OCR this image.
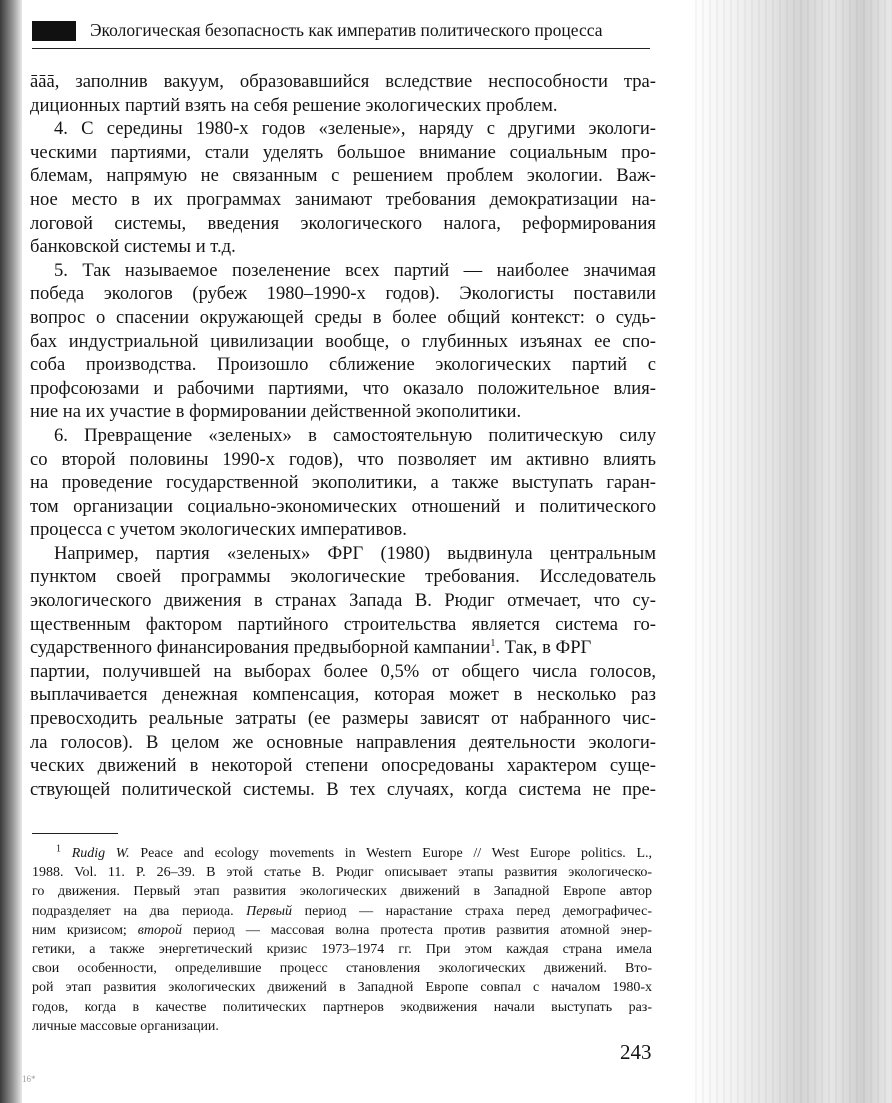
Экологическая безопасность как императив политического процесса
āāā, заполнив вакуум, образовавшийся вследствие неспособности тра-
диционных партий взять на себя решение экологических проблем.
4. С середины 1980-х годов «зеленые», наряду с другими экологи-
ческими партиями, стали уделять большое внимание социальным про-
блемам, напрямую не связанным с решением проблем экологии. Важ-
ное место в их программах занимают требования демократизации на-
логовой системы, введения экологического налога, реформирования
банковской системы и т.д.
5. Так называемое позеленение всех партий — наиболее значимая
победа экологов (рубеж 1980–1990-х годов). Экологисты поставили
вопрос о спасении окружающей среды в более общий контекст: о судь-
бах индустриальной цивилизации вообще, о глубинных изъянах ее спо-
соба производства. Произошло сближение экологических партий с
профсоюзами и рабочими партиями, что оказало положительное влия-
ние на их участие в формировании действенной экополитики.
6. Превращение «зеленых» в самостоятельную политическую силу
со второй половины 1990-х годов), что позволяет им активно влиять
на проведение государственной экополитики, а также выступать гаран-
том организации социально-экономических отношений и политического
процесса с учетом экологических императивов.
Например, партия «зеленых» ФРГ (1980) выдвинула центральным
пунктом своей программы экологические требования. Исследователь
экологического движения в странах Запада В. Рюдиг отмечает, что су-
щественным фактором партийного строительства является система го-
сударственного финансирования предвыборной кампании$^1$. Так, в ФРГ
партии, получившей на выборах более 0,5% от общего числа голосов,
выплачивается денежная компенсация, которая может в несколько раз
превосходить реальные затраты (ее размеры зависят от набранного чис-
ла голосов). В целом же основные направления деятельности экологи-
ческих движений в некоторой степени опосредованы характером суще-
ствующей политической системы. В тех случаях, когда система не пре-
$^1$ Rudig W. Peace and ecology movements in Western Europe // West Europe politics. L.,
1988. Vol. 11. P. 26–39. В этой статье В. Рюдиг описывает этапы развития экологическо-
го движения. Первый этап развития экологических движений в Западной Европе автор
подразделяет на два периода. Первый период — нарастание страха перед демографичес-
ним кризисом; второй период — массовая волна протеста против развития атомной энер-
гетики, а также энергетический кризис 1973–1974 гг. При этом каждая страна имела
свои особенности, определившие процесс становления экологических движений. Вто-
рой этап развития экологических движений в Западной Европе совпал с началом 1980-х
годов, когда в качестве политических партнеров экодвижения начали выступать раз-
личные массовые организации.
243
16*
